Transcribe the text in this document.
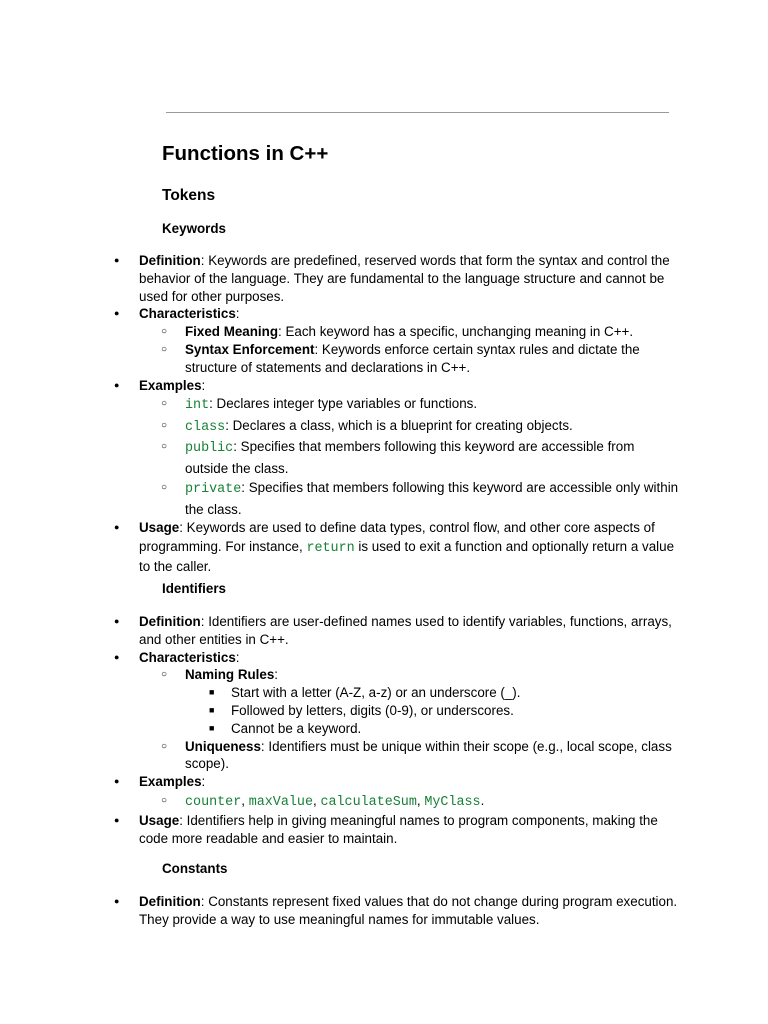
Functions in C++
Tokens
Keywords
● Definition: Keywords are predefined, reserved words that form the syntax and control the behavior of the language. They are fundamental to the language structure and cannot be used for other purposes.
● Characteristics:
○ Fixed Meaning: Each keyword has a specific, unchanging meaning in C++.
○ Syntax Enforcement: Keywords enforce certain syntax rules and dictate the structure of statements and declarations in C++.
● Examples:
○ int: Declares integer type variables or functions.
○ class: Declares a class, which is a blueprint for creating objects.
○ public: Specifies that members following this keyword are accessible from outside the class.
○ private: Specifies that members following this keyword are accessible only within the class.
● Usage: Keywords are used to define data types, control flow, and other core aspects of programming. For instance, return is used to exit a function and optionally return a value to the caller.
Identifiers
● Definition: Identifiers are user-defined names used to identify variables, functions, arrays, and other entities in C++.
● Characteristics:
○ Naming Rules:
■ Start with a letter (A-Z, a-z) or an underscore (_).
■ Followed by letters, digits (0-9), or underscores.
■ Cannot be a keyword.
○ Uniqueness: Identifiers must be unique within their scope (e.g., local scope, class scope).
● Examples:
○ counter, maxValue, calculateSum, MyClass.
● Usage: Identifiers help in giving meaningful names to program components, making the code more readable and easier to maintain.
Constants
● Definition: Constants represent fixed values that do not change during program execution. They provide a way to use meaningful names for immutable values.
